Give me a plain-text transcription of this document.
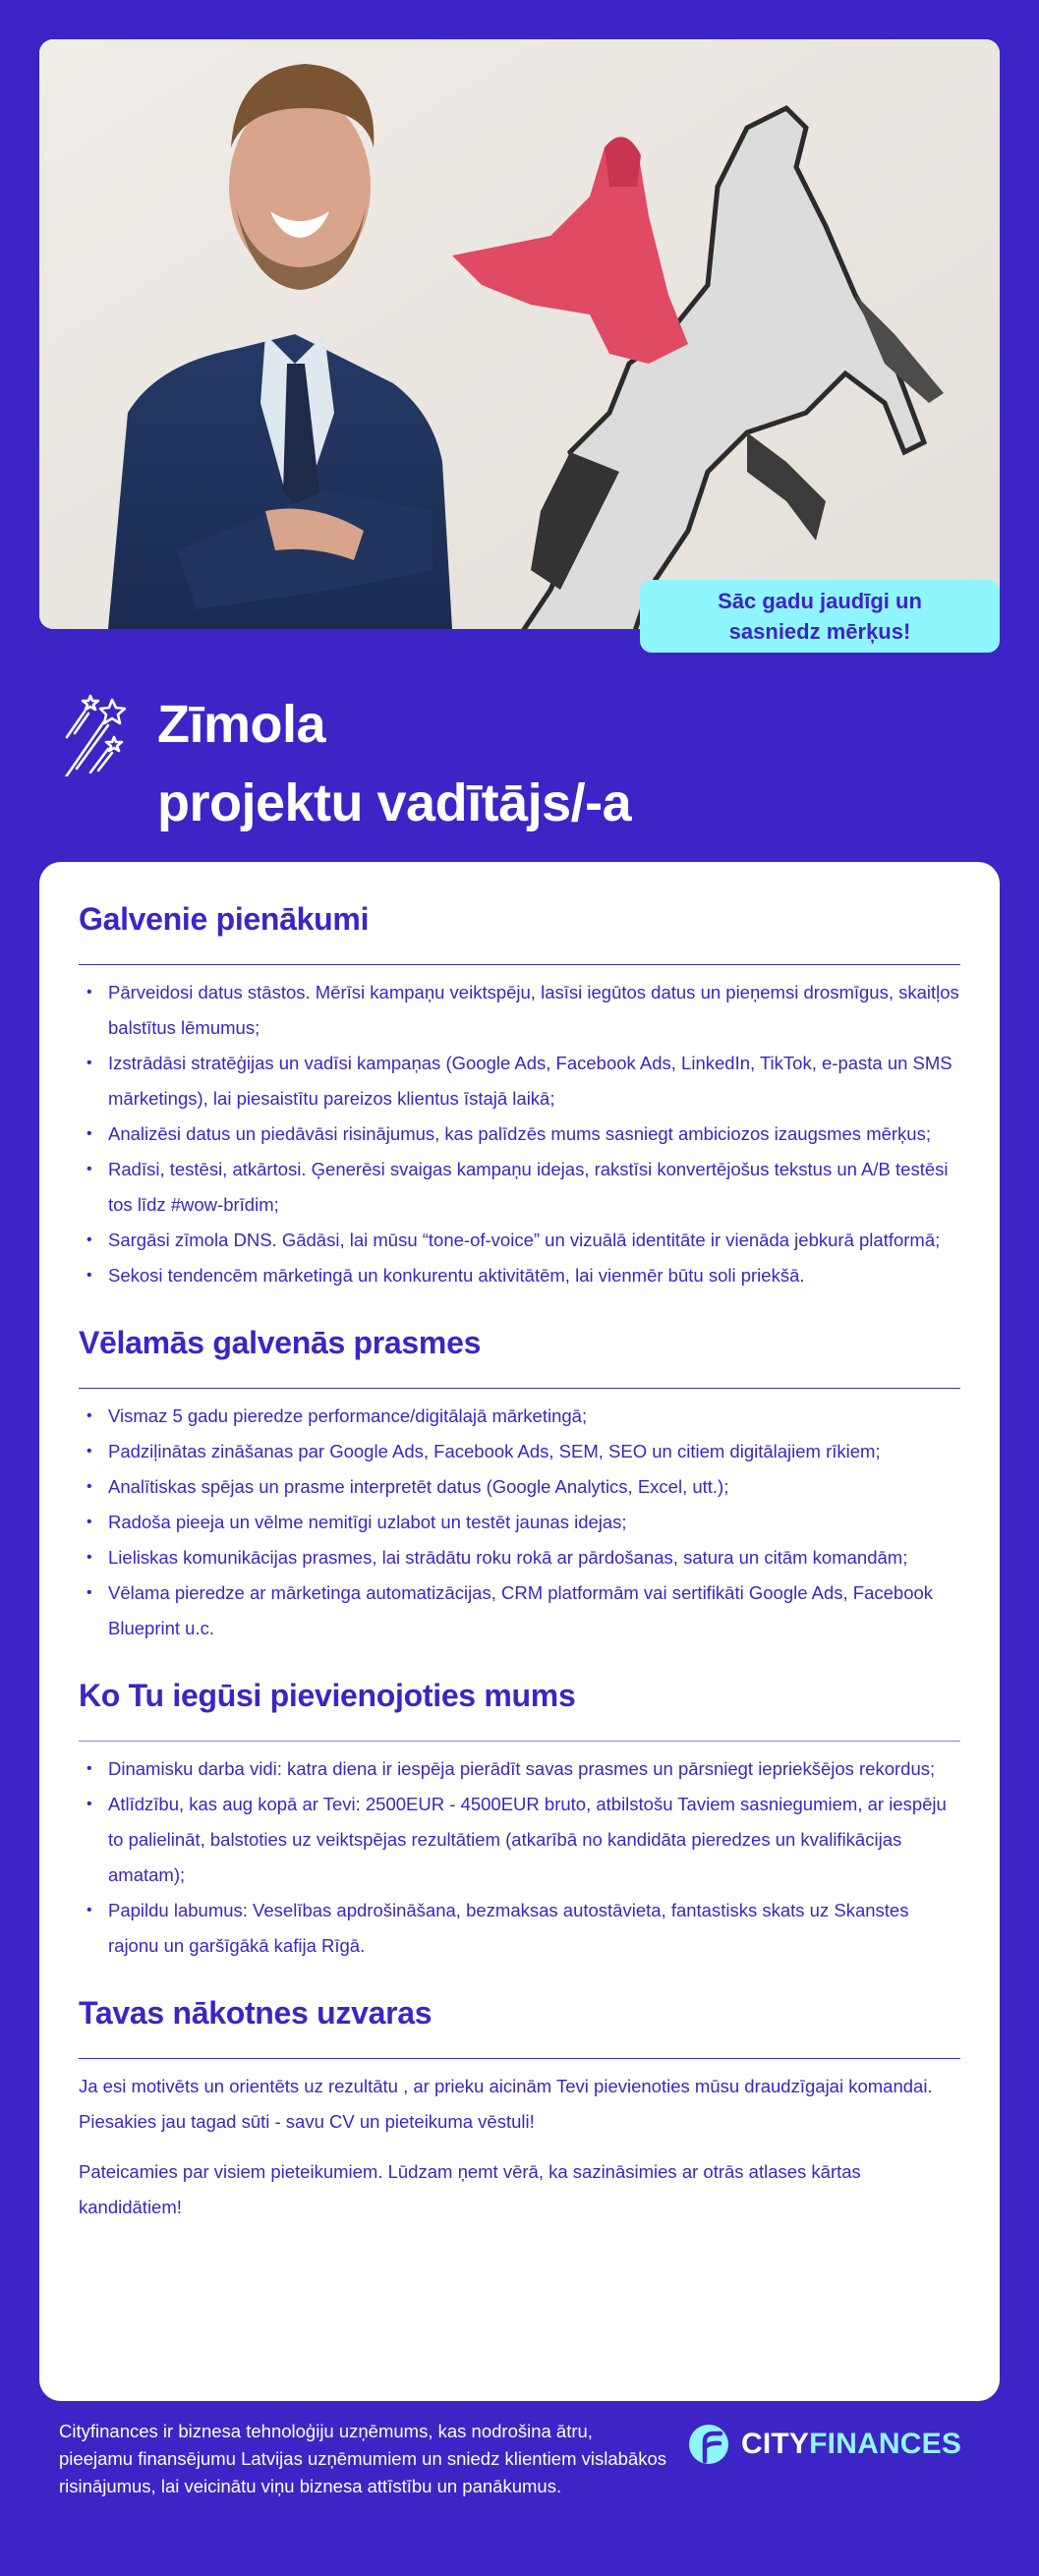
Sāc gadu jaudīgi un
sasniedz mērķus!
Zīmola
projektu vadītājs/-a
Galvenie pienākumi
• Pārveidosi datus stāstos. Mērīsi kampaņu veiktspēju, lasīsi iegūtos datus un pieņemsi drosmīgus, skaitļos balstītus lēmumus;
• Izstrādāsi stratēģijas un vadīsi kampaņas (Google Ads, Facebook Ads, LinkedIn, TikTok, e-pasta un SMS mārketings), lai piesaistītu pareizos klientus īstajā laikā;
• Analizēsi datus un piedāvāsi risinājumus, kas palīdzēs mums sasniegt ambiciozos izaugsmes mērķus;
• Radīsi, testēsi, atkārtosi. Ģenerēsi svaigas kampaņu idejas, rakstīsi konvertējošus tekstus un A/B testēsi tos līdz #wow-brīdim;
• Sargāsi zīmola DNS. Gādāsi, lai mūsu “tone-of-voice” un vizuālā identitāte ir vienāda jebkurā platformā;
• Sekosi tendencēm mārketingā un konkurentu aktivitātēm, lai vienmēr būtu soli priekšā.
Vēlamās galvenās prasmes
• Vismaz 5 gadu pieredze performance/digitālajā mārketingā;
• Padziļinātas zināšanas par Google Ads, Facebook Ads, SEM, SEO un citiem digitālajiem rīkiem;
• Analītiskas spējas un prasme interpretēt datus (Google Analytics, Excel, utt.);
• Radoša pieeja un vēlme nemitīgi uzlabot un testēt jaunas idejas;
• Lieliskas komunikācijas prasmes, lai strādātu roku rokā ar pārdošanas, satura un citām komandām;
• Vēlama pieredze ar mārketinga automatizācijas, CRM platformām vai sertifikāti Google Ads, Facebook Blueprint u.c.
Ko Tu iegūsi pievienojoties mums
• Dinamisku darba vidi: katra diena ir iespēja pierādīt savas prasmes un pārsniegt iepriekšējos rekordus;
• Atlīdzību, kas aug kopā ar Tevi: 2500EUR - 4500EUR bruto, atbilstošu Taviem sasniegumiem, ar iespēju to palielināt, balstoties uz veiktspējas rezultātiem (atkarībā no kandidāta pieredzes un kvalifikācijas amatam);
• Papildu labumus: Veselības apdrošināšana, bezmaksas autostāvieta, fantastisks skats uz Skanstes rajonu un garšīgākā kafija Rīgā.
Tavas nākotnes uzvaras

Ja esi motivēts un orientēts uz rezultātu , ar prieku aicinām Tevi pievienoties mūsu draudzīgajai komandai. Piesakies jau tagad sūti - savu CV un pieteikuma vēstuli!

Pateicamies par visiem pieteikumiem. Lūdzam ņemt vērā, ka sazināsimies ar otrās atlases kārtas kandidātiem!

Cityfinances ir biznesa tehnoloģiju uzņēmums, kas nodrošina ātru, pieejamu finansējumu Latvijas uzņēmumiem un sniedz klientiem vislabākos risinājumus, lai veicinātu viņu biznesa attīstību un panākumus.
CITYFINANCES
